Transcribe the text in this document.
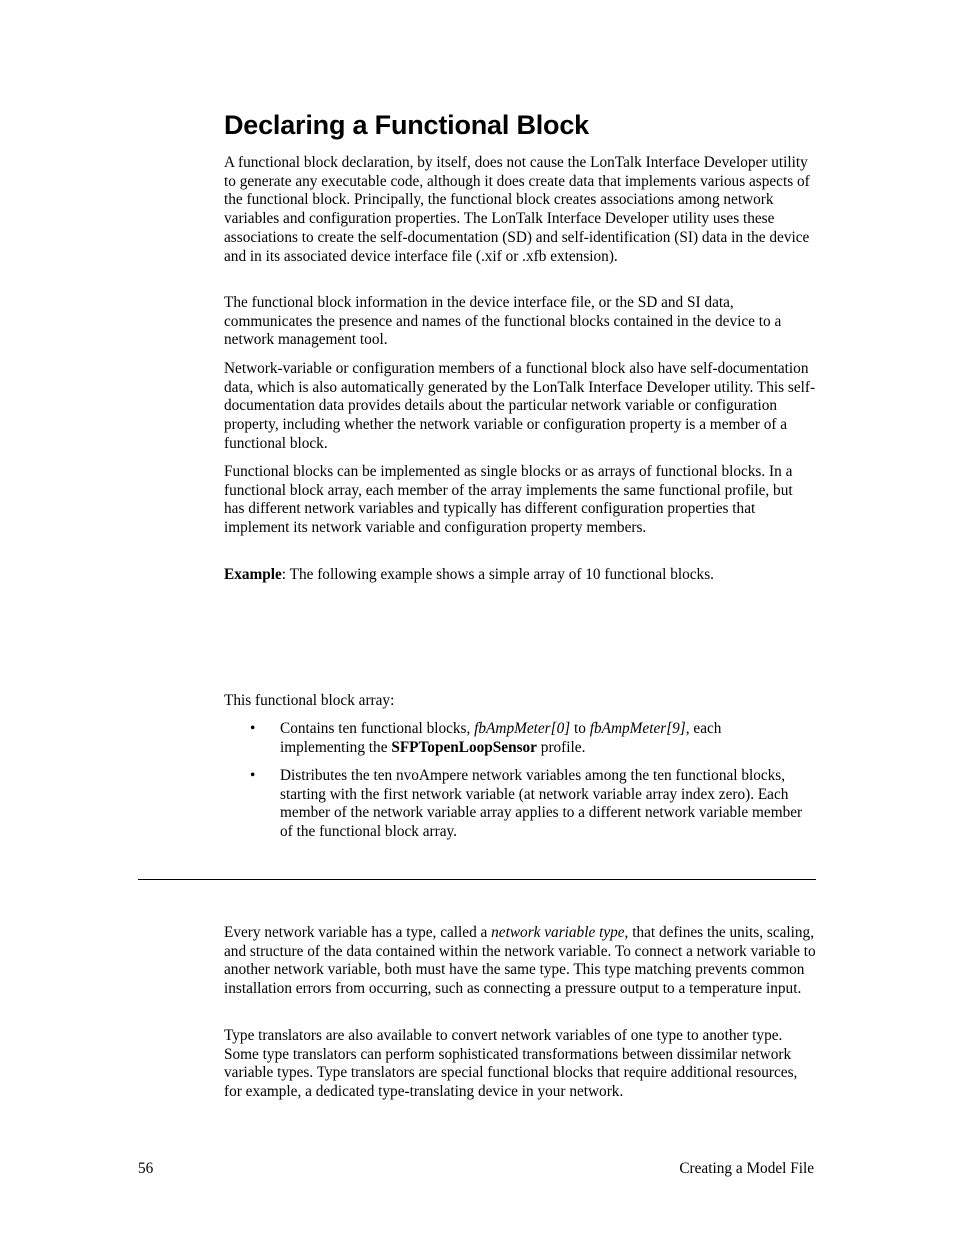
Declaring a Functional Block

A functional block declaration, by itself, does not cause the LonTalk Interface Developer utility to generate any executable code, although it does create data that implements various aspects of the functional block. Principally, the functional block creates associations among network variables and configuration properties. The LonTalk Interface Developer utility uses these associations to create the self-documentation (SD) and self-identification (SI) data in the device and in its associated device interface file (.xif or .xfb extension).

The functional block information in the device interface file, or the SD and SI data, communicates the presence and names of the functional blocks contained in the device to a network management tool.

Network-variable or configuration members of a functional block also have self-documentation data, which is also automatically generated by the LonTalk Interface Developer utility. This self-documentation data provides details about the particular network variable or configuration property, including whether the network variable or configuration property is a member of a functional block.

Functional blocks can be implemented as single blocks or as arrays of functional blocks. In a functional block array, each member of the array implements the same functional profile, but has different network variables and typically has different configuration properties that implement its network variable and configuration property members.

Example: The following example shows a simple array of 10 functional blocks.

This functional block array:

• Contains ten functional blocks, fbAmpMeter[0] to fbAmpMeter[9], each implementing the SFPTopenLoopSensor profile.
• Distributes the ten nvoAmpere network variables among the ten functional blocks, starting with the first network variable (at network variable array index zero). Each member of the network variable array applies to a different network variable member of the functional block array.

Every network variable has a type, called a network variable type, that defines the units, scaling, and structure of the data contained within the network variable. To connect a network variable to another network variable, both must have the same type. This type matching prevents common installation errors from occurring, such as connecting a pressure output to a temperature input.

Type translators are also available to convert network variables of one type to another type. Some type translators can perform sophisticated transformations between dissimilar network variable types. Type translators are special functional blocks that require additional resources, for example, a dedicated type-translating device in your network.

56	Creating a Model File
